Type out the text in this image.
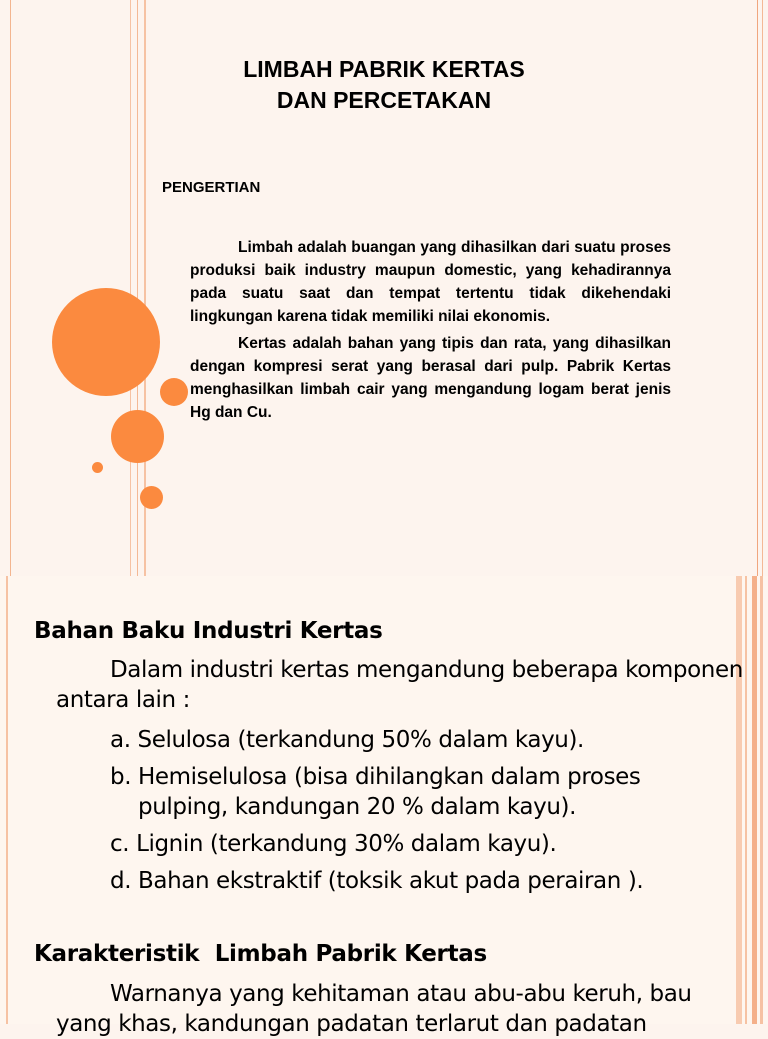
LIMBAH PABRIK KERTAS
DAN PERCETAKAN
PENGERTIAN

Limbah adalah buangan yang dihasilkan dari suatu proses produksi baik industry maupun domestic, yang kehadirannya pada suatu saat dan tempat tertentu tidak dikehendaki lingkungan karena tidak memiliki nilai ekonomis.

Kertas adalah bahan yang tipis dan rata, yang dihasilkan dengan kompresi serat yang berasal dari pulp. Pabrik Kertas menghasilkan limbah cair yang mengandung logam berat jenis Hg dan Cu.

Bahan Baku Industri Kertas
Dalam industri kertas mengandung beberapa komponen
antara lain :
a. Selulosa (terkandung 50% dalam kayu).
b. Hemiselulosa (bisa dihilangkan dalam proses
pulping, kandungan 20 % dalam kayu).
c. Lignin (terkandung 30% dalam kayu).
d. Bahan ekstraktif (toksik akut pada perairan ).
Karakteristik  Limbah Pabrik Kertas
Warnanya yang kehitaman atau abu-abu keruh, bau
yang khas, kandungan padatan terlarut dan padatan
